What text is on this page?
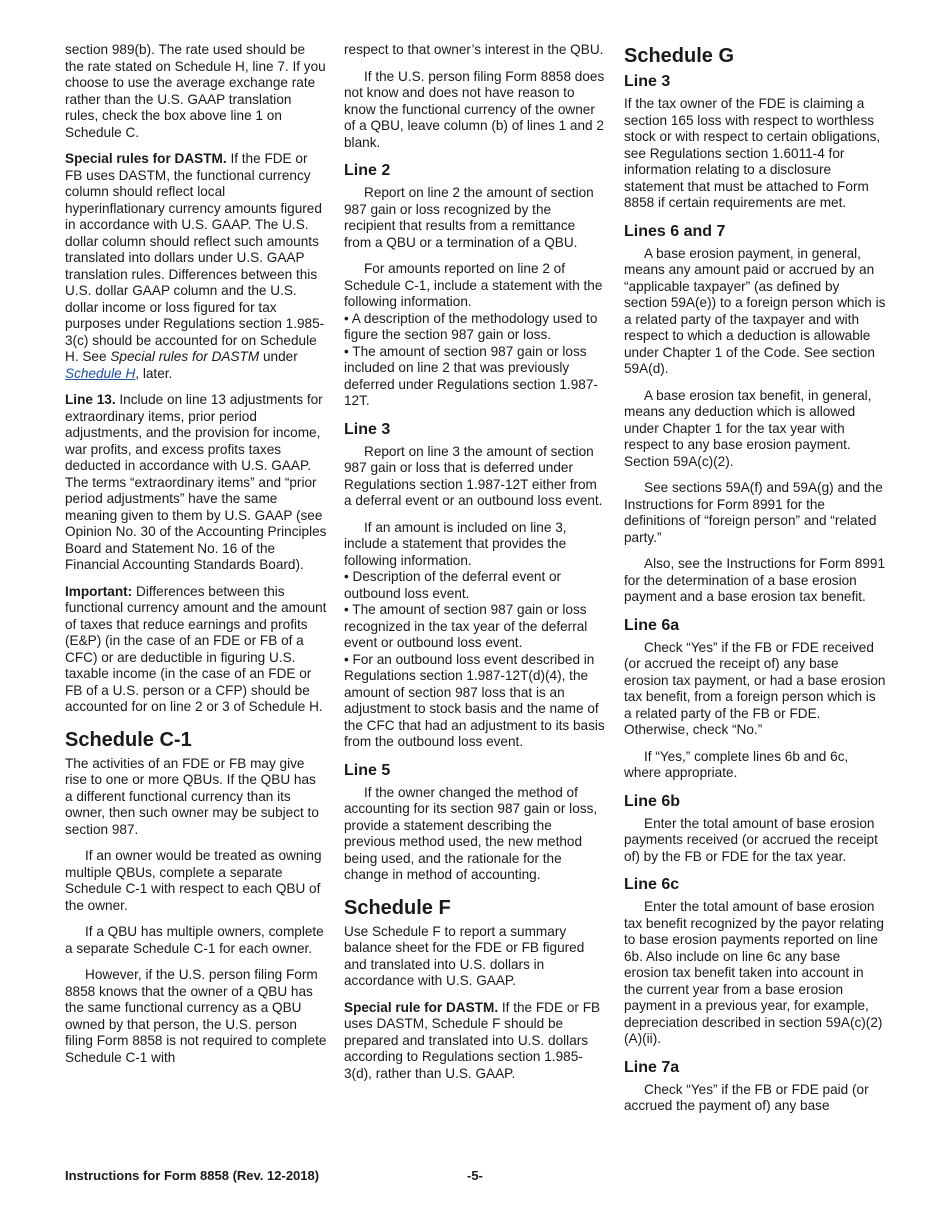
section 989(b). The rate used should be the rate stated on Schedule H, line 7. If you choose to use the average exchange rate rather than the U.S. GAAP translation rules, check the box above line 1 on Schedule C.

Special rules for DASTM. If the FDE or FB uses DASTM, the functional currency column should reflect local hyperinflationary currency amounts figured in accordance with U.S. GAAP. The U.S. dollar column should reflect such amounts translated into dollars under U.S. GAAP translation rules. Differences between this U.S. dollar GAAP column and the U.S. dollar income or loss figured for tax purposes under Regulations section 1.985-3(c) should be accounted for on Schedule H. See Special rules for DASTM under Schedule H, later.

Line 13. Include on line 13 adjustments for extraordinary items, prior period adjustments, and the provision for income, war profits, and excess profits taxes deducted in accordance with U.S. GAAP. The terms “extraordinary items” and “prior period adjustments” have the same meaning given to them by U.S. GAAP (see Opinion No. 30 of the Accounting Principles Board and Statement No. 16 of the Financial Accounting Standards Board).

Important: Differences between this functional currency amount and the amount of taxes that reduce earnings and profits (E&P) (in the case of an FDE or FB of a CFC) or are deductible in figuring U.S. taxable income (in the case of an FDE or FB of a U.S. person or a CFP) should be accounted for on line 2 or 3 of Schedule H.

Schedule C-1

The activities of an FDE or FB may give rise to one or more QBUs. If the QBU has a different functional currency than its owner, then such owner may be subject to section 987.

If an owner would be treated as owning multiple QBUs, complete a separate Schedule C-1 with respect to each QBU of the owner.

If a QBU has multiple owners, complete a separate Schedule C-1 for each owner.

However, if the U.S. person filing Form 8858 knows that the owner of a QBU has the same functional currency as a QBU owned by that person, the U.S. person filing Form 8858 is not required to complete Schedule C-1 with

respect to that owner’s interest in the QBU.

If the U.S. person filing Form 8858 does not know and does not have reason to know the functional currency of the owner of a QBU, leave column (b) of lines 1 and 2 blank.

Line 2

Report on line 2 the amount of section 987 gain or loss recognized by the recipient that results from a remittance from a QBU or a termination of a QBU.

For amounts reported on line 2 of Schedule C-1, include a statement with the following information.

• A description of the methodology used to figure the section 987 gain or loss.

• The amount of section 987 gain or loss included on line 2 that was previously deferred under Regulations section 1.987-12T.

Line 3

Report on line 3 the amount of section 987 gain or loss that is deferred under Regulations section 1.987-12T either from a deferral event or an outbound loss event.

If an amount is included on line 3, include a statement that provides the following information.

• Description of the deferral event or outbound loss event.

• The amount of section 987 gain or loss recognized in the tax year of the deferral event or outbound loss event.

• For an outbound loss event described in Regulations section 1.987-12T(d)(4), the amount of section 987 loss that is an adjustment to stock basis and the name of the CFC that had an adjustment to its basis from the outbound loss event.

Line 5

If the owner changed the method of accounting for its section 987 gain or loss, provide a statement describing the previous method used, the new method being used, and the rationale for the change in method of accounting.

Schedule F

Use Schedule F to report a summary balance sheet for the FDE or FB figured and translated into U.S. dollars in accordance with U.S. GAAP.

Special rule for DASTM. If the FDE or FB uses DASTM, Schedule F should be prepared and translated into U.S. dollars according to Regulations section 1.985-3(d), rather than U.S. GAAP.

Schedule G
Line 3

If the tax owner of the FDE is claiming a section 165 loss with respect to worthless stock or with respect to certain obligations, see Regulations section 1.6011-4 for information relating to a disclosure statement that must be attached to Form 8858 if certain requirements are met.

Lines 6 and 7

A base erosion payment, in general, means any amount paid or accrued by an “applicable taxpayer” (as defined by section 59A(e)) to a foreign person which is a related party of the taxpayer and with respect to which a deduction is allowable under Chapter 1 of the Code. See section 59A(d).

A base erosion tax benefit, in general, means any deduction which is allowed under Chapter 1 for the tax year with respect to any base erosion payment. Section 59A(c)(2).

See sections 59A(f) and 59A(g) and the Instructions for Form 8991 for the definitions of “foreign person” and “related party.”

Also, see the Instructions for Form 8991 for the determination of a base erosion payment and a base erosion tax benefit.

Line 6a

Check “Yes” if the FB or FDE received (or accrued the receipt of) any base erosion tax payment, or had a base erosion tax benefit, from a foreign person which is a related party of the FB or FDE. Otherwise, check “No.”

If “Yes,” complete lines 6b and 6c, where appropriate.

Line 6b

Enter the total amount of base erosion payments received (or accrued the receipt of) by the FB or FDE for the tax year.

Line 6c

Enter the total amount of base erosion tax benefit recognized by the payor relating to base erosion payments reported on line 6b. Also include on line 6c any base erosion tax benefit taken into account in the current year from a base erosion payment in a previous year, for example, depreciation described in section 59A(c)(2)(A)(ii).

Line 7a

Check “Yes” if the FB or FDE paid (or accrued the payment of) any base

Instructions for Form 8858 (Rev. 12-2018)	-5-
